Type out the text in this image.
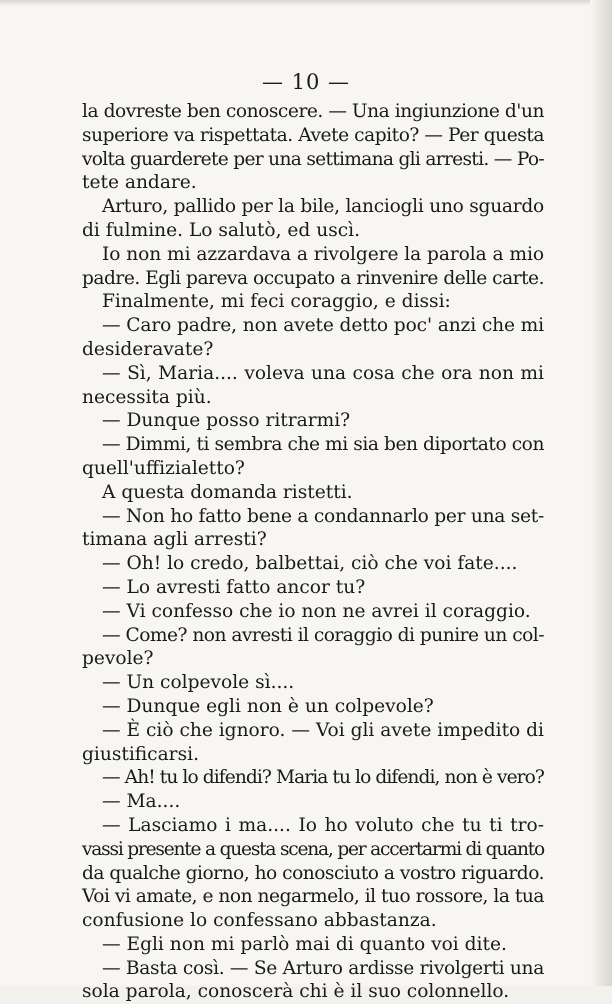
— 10 —
la dovreste ben conoscere. — Una ingiunzione d'un
superiore va rispettata. Avete capito? — Per questa
volta guarderete per una settimana gli arresti. — Po-
tete andare.
Arturo, pallido per la bile, lanciogli uno sguardo
di fulmine. Lo salutò, ed uscì.
Io non mi azzardava a rivolgere la parola a mio
padre. Egli pareva occupato a rinvenire delle carte.
Finalmente, mi feci coraggio, e dissi:
— Caro padre, non avete detto poc' anzi che mi
desideravate?
— Sì, Maria.... voleva una cosa che ora non mi
necessita più.
— Dunque posso ritrarmi?
— Dimmi, ti sembra che mi sia ben diportato con
quell'uffizialetto?
A questa domanda ristetti.
— Non ho fatto bene a condannarlo per una set-
timana agli arresti?
— Oh! lo credo, balbettai, ciò che voi fate....
— Lo avresti fatto ancor tu?
— Vi confesso che io non ne avrei il coraggio.
— Come? non avresti il coraggio di punire un col-
pevole?
— Un colpevole sì....
— Dunque egli non è un colpevole?
— È ciò che ignoro. — Voi gli avete impedito di
giustificarsi.
— Ah! tu lo difendi? Maria tu lo difendi, non è vero?
— Ma....
— Lasciamo i ma.... Io ho voluto che tu ti tro-
vassi presente a questa scena, per accertarmi di quanto
da qualche giorno, ho conosciuto a vostro riguardo.
Voi vi amate, e non negarmelo, il tuo rossore, la tua
confusione lo confessano abbastanza.
— Egli non mi parlò mai di quanto voi dite.
— Basta così. — Se Arturo ardisse rivolgerti una
sola parola, conoscerà chi è il suo colonnello.
